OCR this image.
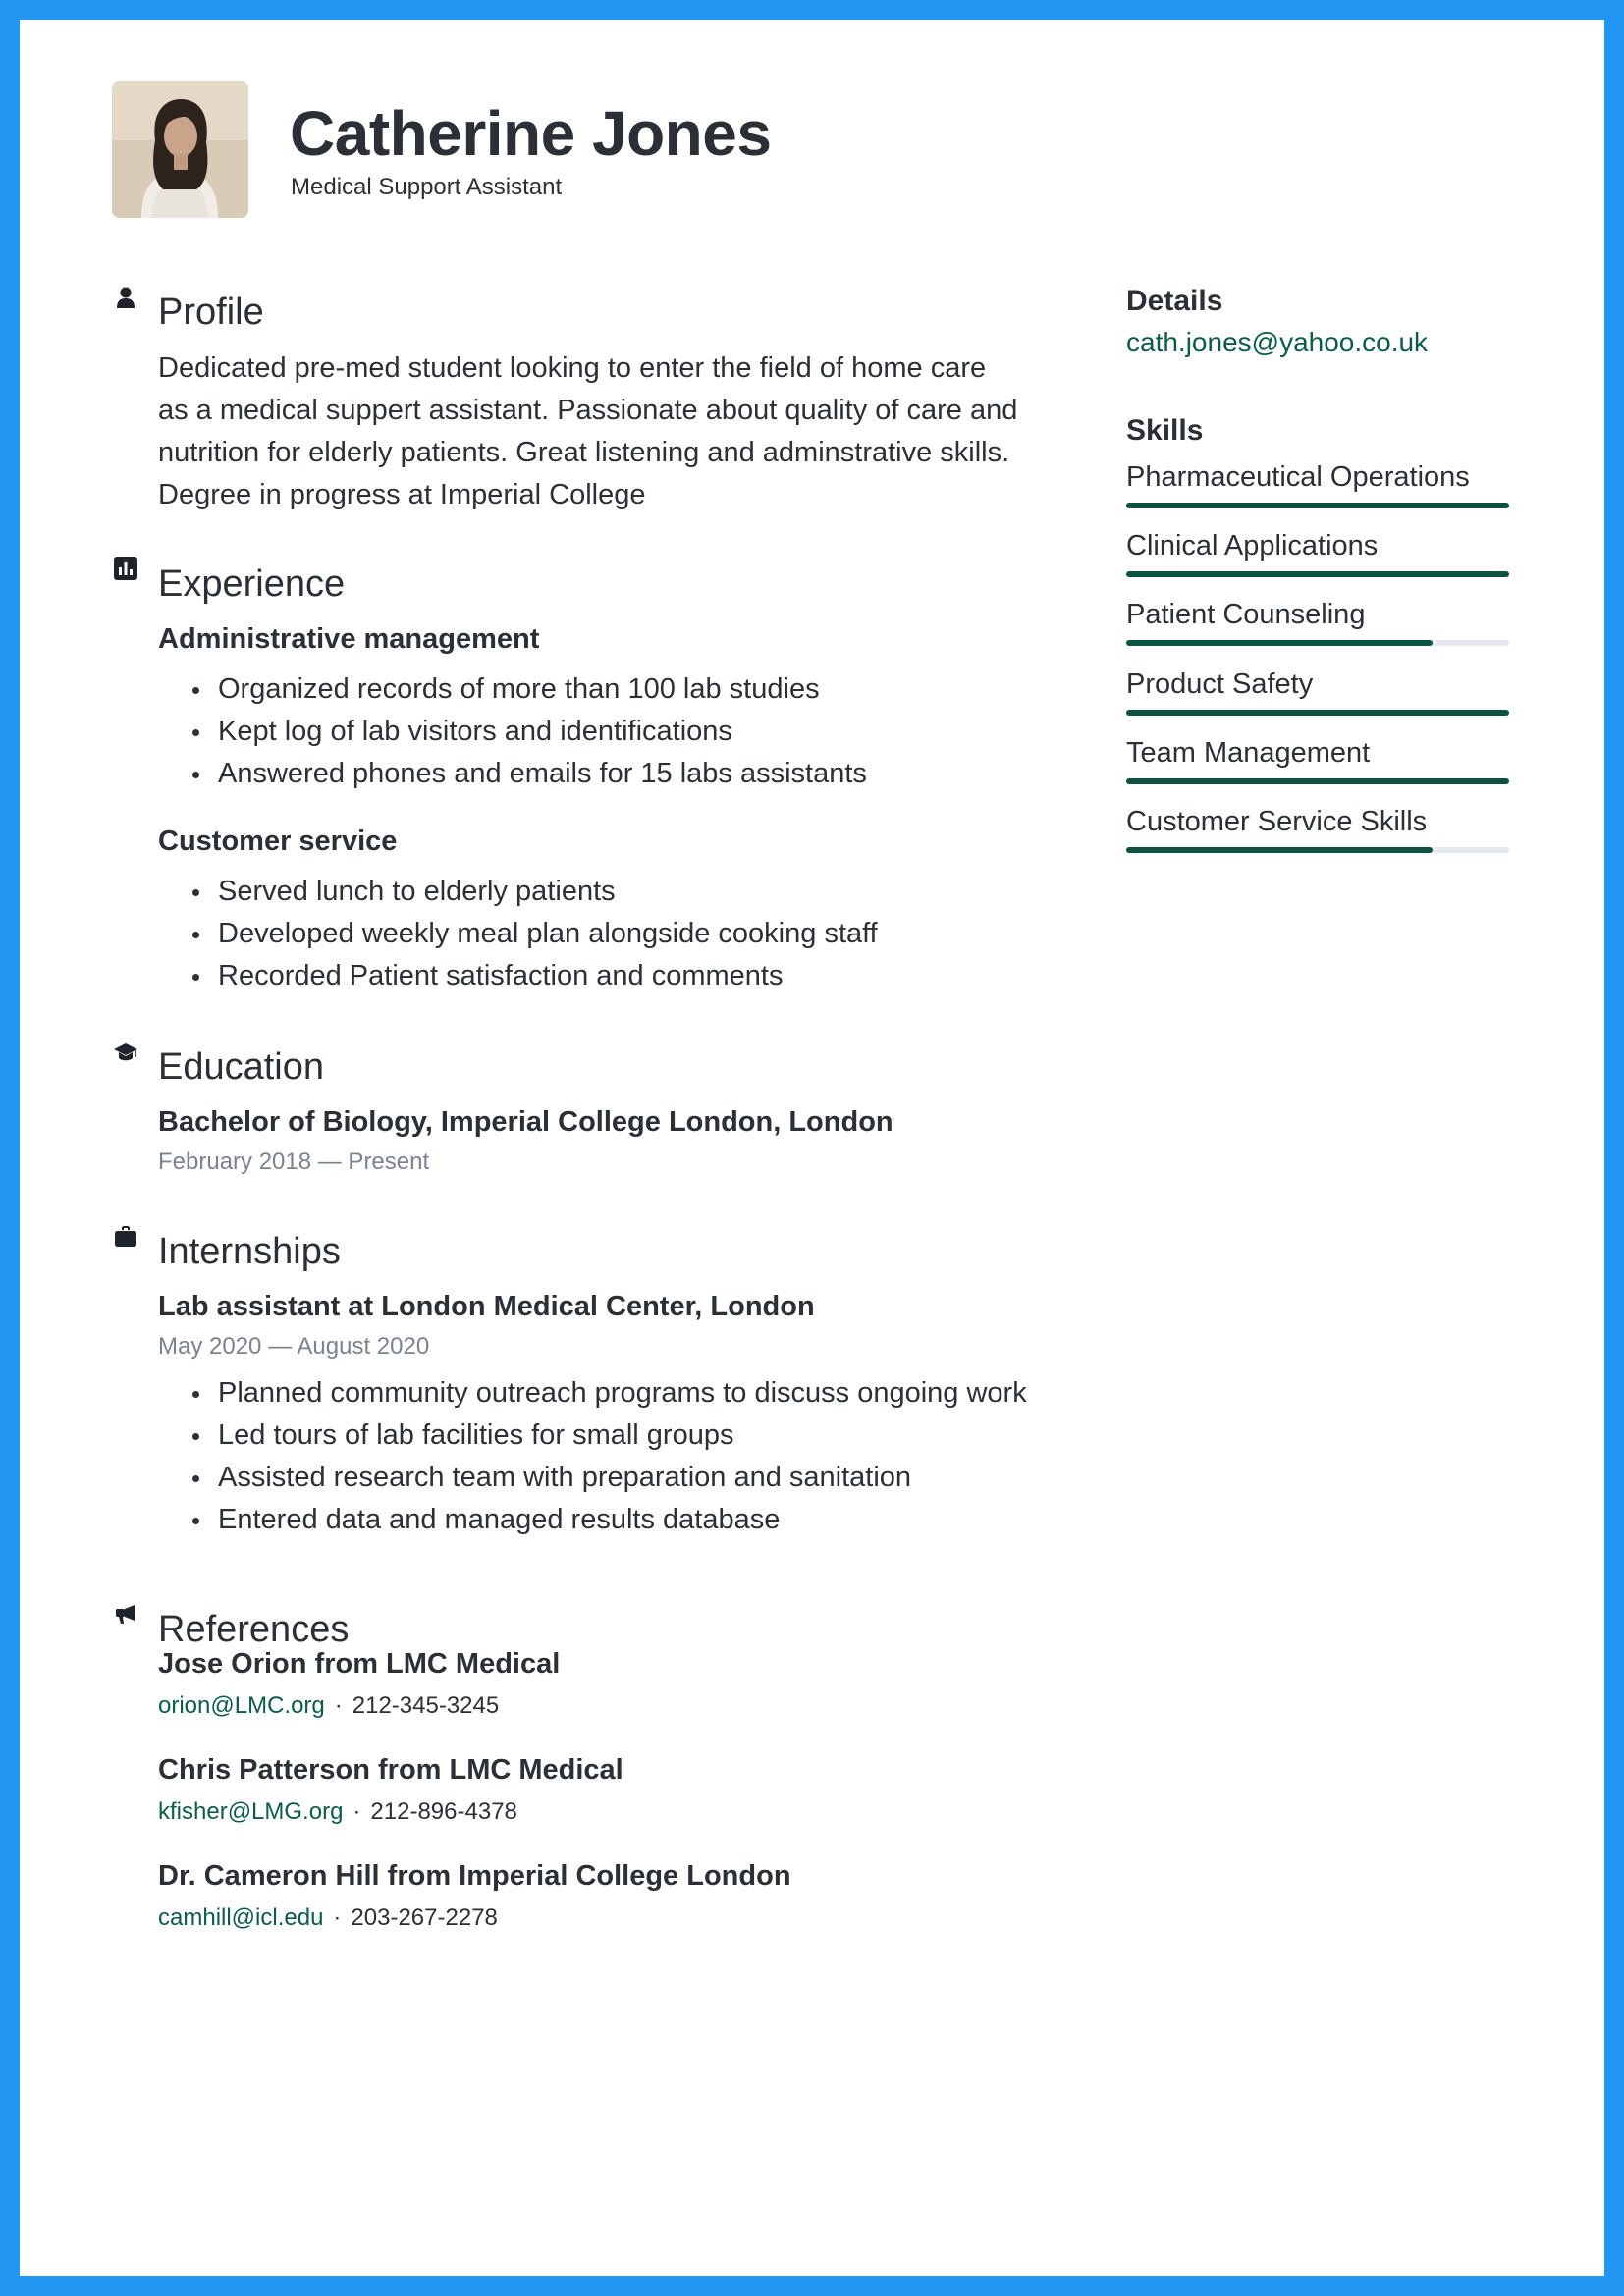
Catherine Jones
Medical Support Assistant
Profile
Dedicated pre-med student looking to enter the field of home care
as a medical suppert assistant. Passionate about quality of care and
nutrition for elderly patients. Great listening and adminstrative skills.
Degree in progress at Imperial College
Experience
Administrative management
Organized records of more than 100 lab studies
Kept log of lab visitors and identifications
Answered phones and emails for 15 labs assistants
Customer service
Served lunch to elderly patients
Developed weekly meal plan alongside cooking staff
Recorded Patient satisfaction and comments
Education
Bachelor of Biology, Imperial College London, London
February 2018 — Present
Internships
Lab assistant at London Medical Center, London
May 2020 — August 2020
Planned community outreach programs to discuss ongoing work
Led tours of lab facilities for small groups
Assisted research team with preparation and sanitation
Entered data and managed results database
References
Jose Orion from LMC Medical
orion@LMC.org · 212-345-3245
Chris Patterson from LMC Medical
kfisher@LMG.org · 212-896-4378
Dr. Cameron Hill from Imperial College London
camhill@icl.edu · 203-267-2278
Details
cath.jones@yahoo.co.uk
Skills
Pharmaceutical Operations
Clinical Applications
Patient Counseling
Product Safety
Team Management
Customer Service Skills
